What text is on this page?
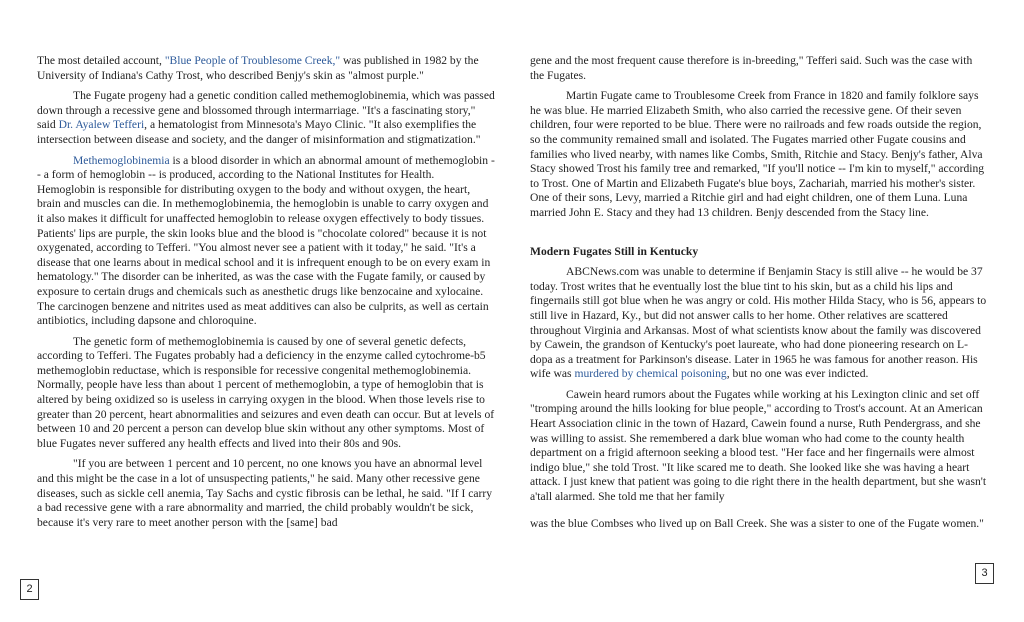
The most detailed account, "Blue People of Troublesome Creek," was published in 1982 by the University of Indiana's Cathy Trost, who described Benjy's skin as "almost purple."

The Fugate progeny had a genetic condition called methemoglobinemia, which was passed down through a recessive gene and blossomed through intermarriage. "It's a fascinating story," said Dr. Ayalew Tefferi, a hematologist from Minnesota's Mayo Clinic. "It also exemplifies the intersection between disease and society, and the danger of misinformation and stigmatization."

Methemoglobinemia is a blood disorder in which an abnormal amount of methemoglobin -- a form of hemoglobin -- is produced, according to the National Institutes for Health. Hemoglobin is responsible for distributing oxygen to the body and without oxygen, the heart, brain and muscles can die. In methemoglobinemia, the hemoglobin is unable to carry oxygen and it also makes it difficult for unaffected hemoglobin to release oxygen effectively to body tissues. Patients' lips are purple, the skin looks blue and the blood is "chocolate colored" because it is not oxygenated, according to Tefferi. "You almost never see a patient with it today," he said. "It's a disease that one learns about in medical school and it is infrequent enough to be on every exam in hematology." The disorder can be inherited, as was the case with the Fugate family, or caused by exposure to certain drugs and chemicals such as anesthetic drugs like benzocaine and xylocaine. The carcinogen benzene and nitrites used as meat additives can also be culprits, as well as certain antibiotics, including dapsone and chloroquine.

The genetic form of methemoglobinemia is caused by one of several genetic defects, according to Tefferi. The Fugates probably had a deficiency in the enzyme called cytochrome-b5 methemoglobin reductase, which is responsible for recessive congenital methemoglobinemia. Normally, people have less than about 1 percent of methemoglobin, a type of hemoglobin that is altered by being oxidized so is useless in carrying oxygen in the blood. When those levels rise to greater than 20 percent, heart abnormalities and seizures and even death can occur. But at levels of between 10 and 20 percent a person can develop blue skin without any other symptoms. Most of blue Fugates never suffered any health effects and lived into their 80s and 90s.

"If you are between 1 percent and 10 percent, no one knows you have an abnormal level and this might be the case in a lot of unsuspecting patients," he said. Many other recessive gene diseases, such as sickle cell anemia, Tay Sachs and cystic fibrosis can be lethal, he said. "If I carry a bad recessive gene with a rare abnormality and married, the child probably wouldn't be sick, because it's very rare to meet another person with the [same] bad

gene and the most frequent cause therefore is in-breeding," Tefferi said. Such was the case with the Fugates.

Martin Fugate came to Troublesome Creek from France in 1820 and family folklore says he was blue. He married Elizabeth Smith, who also carried the recessive gene. Of their seven children, four were reported to be blue. There were no railroads and few roads outside the region, so the community remained small and isolated. The Fugates married other Fugate cousins and families who lived nearby, with names like Combs, Smith, Ritchie and Stacy. Benjy's father, Alva Stacy showed Trost his family tree and remarked, "If you'll notice -- I'm kin to myself," according to Trost. One of Martin and Elizabeth Fugate's blue boys, Zachariah, married his mother's sister. One of their sons, Levy, married a Ritchie girl and had eight children, one of them Luna. Luna married John E. Stacy and they had 13 children. Benjy descended from the Stacy line.

Modern Fugates Still in Kentucky

ABCNews.com was unable to determine if Benjamin Stacy is still alive -- he would be 37 today. Trost writes that he eventually lost the blue tint to his skin, but as a child his lips and fingernails still got blue when he was angry or cold. His mother Hilda Stacy, who is 56, appears to still live in Hazard, Ky., but did not answer calls to her home. Other relatives are scattered throughout Virginia and Arkansas. Most of what scientists know about the family was discovered by Cawein, the grandson of Kentucky's poet laureate, who had done pioneering research on L-dopa as a treatment for Parkinson's disease. Later in 1965 he was famous for another reason. His wife was murdered by chemical poisoning, but no one was ever indicted.

Cawein heard rumors about the Fugates while working at his Lexington clinic and set off "tromping around the hills looking for blue people," according to Trost's account. At an American Heart Association clinic in the town of Hazard, Cawein found a nurse, Ruth Pendergrass, and she was willing to assist. She remembered a dark blue woman who had come to the county health department on a frigid afternoon seeking a blood test. "Her face and her fingernails were almost indigo blue," she told Trost. "It like scared me to death. She looked like she was having a heart attack. I just knew that patient was going to die right there in the health department, but she wasn't a'tall alarmed. She told me that her family

was the blue Combses who lived up on Ball Creek. She was a sister to one of the Fugate women."

2
3
